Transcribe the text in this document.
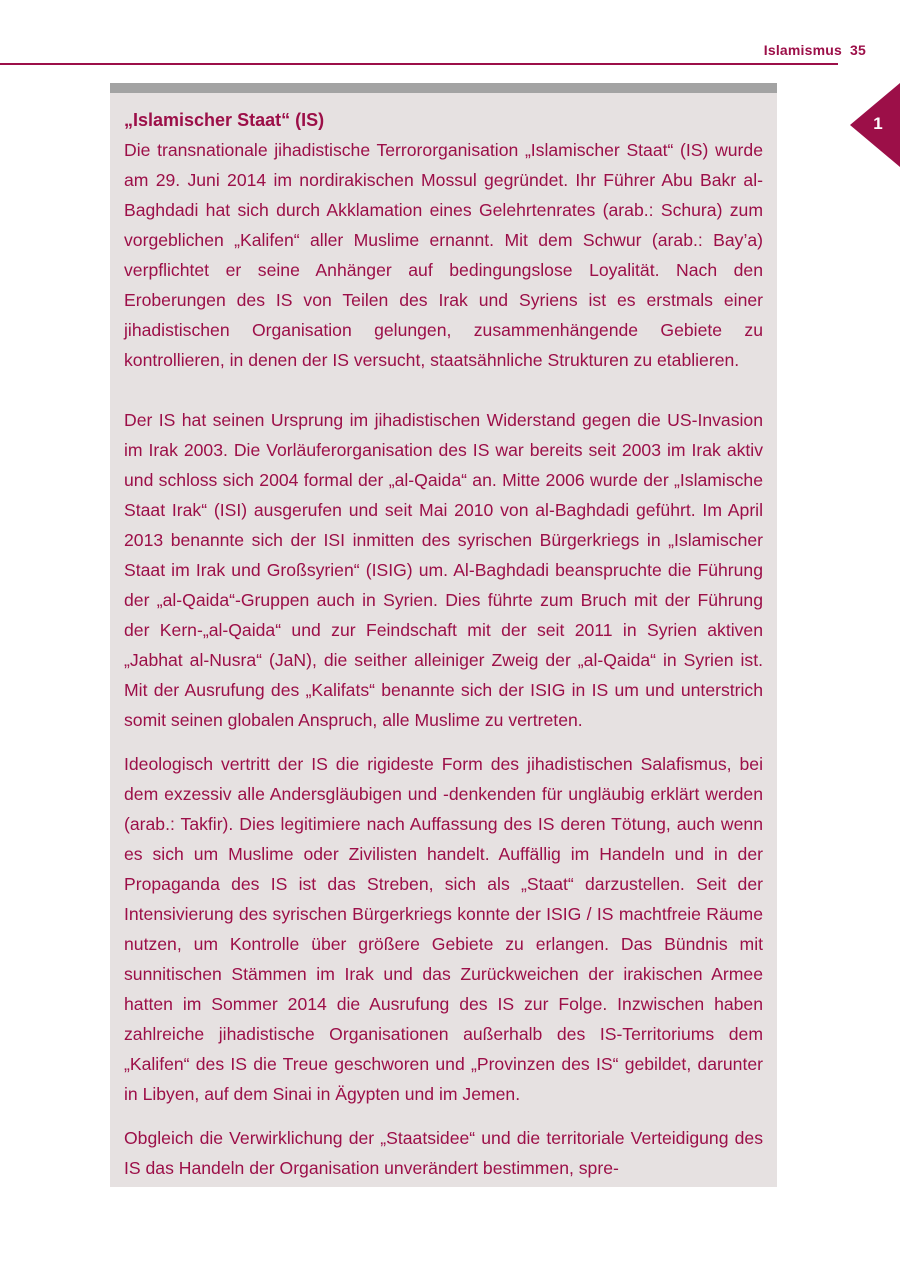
Islamismus 35
1

„Islamischer Staat“ (IS)

Die transnationale jihadistische Terrororganisation „Islamischer Staat“ (IS) wurde am 29. Juni 2014 im nordirakischen Mossul gegründet. Ihr Führer Abu Bakr al-Baghdadi hat sich durch Akklamation eines Gelehrtenrates (arab.: Schura) zum vorgeblichen „Kalifen“ aller Muslime ernannt. Mit dem Schwur (arab.: Bay’a) verpflichtet er seine Anhänger auf bedingungslose Loyalität. Nach den Eroberungen des IS von Teilen des Irak und Syriens ist es erstmals einer jihadistischen Organisation gelungen, zusammenhängende Gebiete zu kontrollieren, in denen der IS versucht, staatsähnliche Strukturen zu etablieren.

Der IS hat seinen Ursprung im jihadistischen Widerstand gegen die US-Invasion im Irak 2003. Die Vorläuferorganisation des IS war bereits seit 2003 im Irak aktiv und schloss sich 2004 formal der „al-Qaida“ an. Mitte 2006 wurde der „Islamische Staat Irak“ (ISI) ausgerufen und seit Mai 2010 von al-Baghdadi geführt. Im April 2013 benannte sich der ISI inmitten des syrischen Bürgerkriegs in „Islamischer Staat im Irak und Großsyrien“ (ISIG) um. Al-Baghdadi beanspruchte die Führung der „al-Qaida“-Gruppen auch in Syrien. Dies führte zum Bruch mit der Führung der Kern-„al-Qaida“ und zur Feindschaft mit der seit 2011 in Syrien aktiven „Jabhat al-Nusra“ (JaN), die seither alleiniger Zweig der „al-Qaida“ in Syrien ist. Mit der Ausrufung des „Kalifats“ benannte sich der ISIG in IS um und unterstrich somit seinen globalen Anspruch, alle Muslime zu vertreten.

Ideologisch vertritt der IS die rigideste Form des jihadistischen Salafismus, bei dem exzessiv alle Andersgläubigen und -denkenden für ungläubig erklärt werden (arab.: Takfir). Dies legitimiere nach Auffassung des IS deren Tötung, auch wenn es sich um Muslime oder Zivilisten handelt. Auffällig im Handeln und in der Propaganda des IS ist das Streben, sich als „Staat“ darzustellen. Seit der Intensivierung des syrischen Bürgerkriegs konnte der ISIG / IS machtfreie Räume nutzen, um Kontrolle über größere Gebiete zu erlangen. Das Bündnis mit sunnitischen Stämmen im Irak und das Zurückweichen der irakischen Armee hatten im Sommer 2014 die Ausrufung des IS zur Folge. Inzwischen haben zahlreiche jihadistische Organisationen außerhalb des IS-Territoriums dem „Kalifen“ des IS die Treue geschworen und „Provinzen des IS“ gebildet, darunter in Libyen, auf dem Sinai in Ägypten und im Jemen.

Obgleich die Verwirklichung der „Staatsidee“ und die territoriale Verteidigung des IS das Handeln der Organisation unverändert bestimmen, spre-
